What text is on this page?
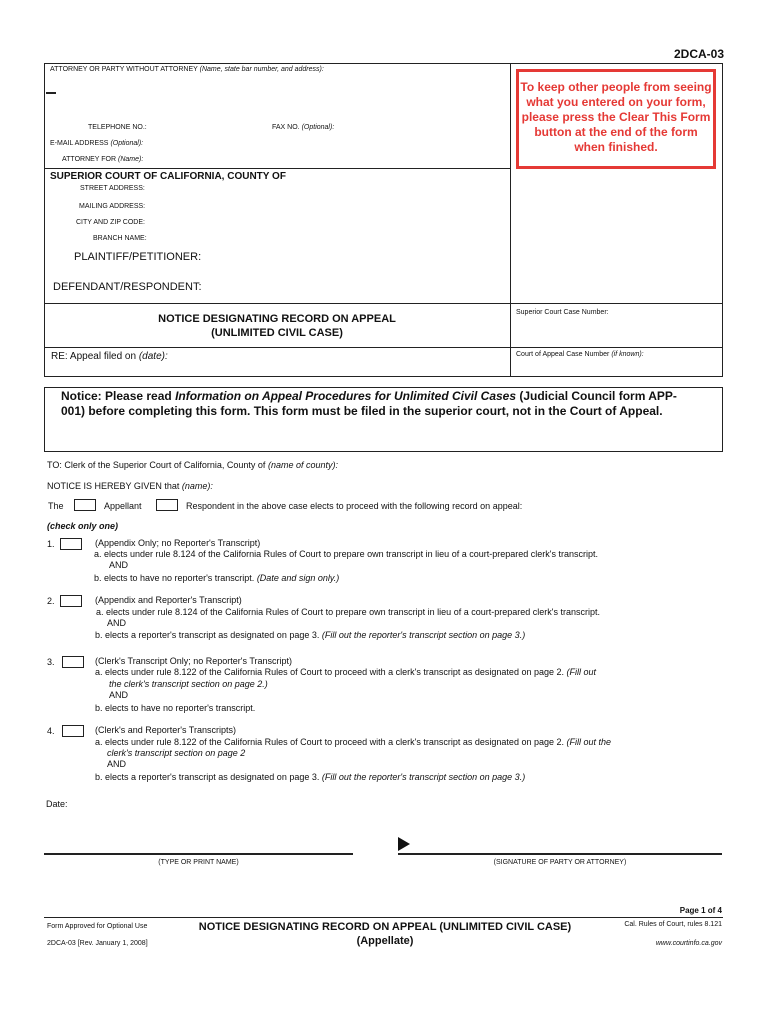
2DCA-03
ATTORNEY OR PARTY WITHOUT ATTORNEY (Name, state bar number, and address):
TELEPHONE NO.:	FAX NO. (Optional):
E-MAIL ADDRESS (Optional):
ATTORNEY FOR (Name):
To keep other people from seeing what you entered on your form, please press the Clear This Form button at the end of the form when finished.
SUPERIOR COURT OF CALIFORNIA, COUNTY OF
STREET ADDRESS:
MAILING ADDRESS:
CITY AND ZIP CODE:
BRANCH NAME:
PLAINTIFF/PETITIONER:
DEFENDANT/RESPONDENT:
NOTICE DESIGNATING RECORD ON APPEAL
(UNLIMITED CIVIL CASE)
Superior Court Case Number:
RE: Appeal filed on (date):	Court of Appeal Case Number (if known):
Notice: Please read Information on Appeal Procedures for Unlimited Civil Cases (Judicial Council form APP-001) before completing this form. This form must be filed in the superior court, not in the Court of Appeal.
TO: Clerk of the Superior Court of California, County of (name of county):
NOTICE IS HEREBY GIVEN that (name):
The	Appellant	Respondent in the above case elects to proceed with the following record on appeal:
(check only one)
1.	(Appendix Only; no Reporter's Transcript)
a. elects under rule 8.124 of the California Rules of Court to prepare own transcript in lieu of a court-prepared clerk's transcript.
AND
b. elects to have no reporter's transcript. (Date and sign only.)
2.	(Appendix and Reporter's Transcript)
a. elects under rule 8.124 of the California Rules of Court to prepare own transcript in lieu of a court-prepared clerk's transcript.
AND
b. elects a reporter's transcript as designated on page 3. (Fill out the reporter's transcript section on page 3.)
3.	(Clerk's Transcript Only; no Reporter's Transcript)
a. elects under rule 8.122 of the California Rules of Court to proceed with a clerk's transcript as designated on page 2. (Fill out
the clerk's transcript section on page 2.)
AND
b. elects to have no reporter's transcript.
4.	(Clerk's and Reporter's Transcripts)
a. elects under rule 8.122 of the California Rules of Court to proceed with a clerk's transcript as designated on page 2. (Fill out the
clerk's transcript section on page 2
AND
b. elects a reporter's transcript as designated on page 3. (Fill out the reporter's transcript section on page 3.)
Date:
(TYPE OR PRINT NAME)	(SIGNATURE OF PARTY OR ATTORNEY)
Page 1 of 4
Form Approved for Optional Use
2DCA-03 [Rev. January 1, 2008]
NOTICE DESIGNATING RECORD ON APPEAL (UNLIMITED CIVIL CASE)
(Appellate)
Cal. Rules of Court, rules 8.121
www.courtinfo.ca.gov
